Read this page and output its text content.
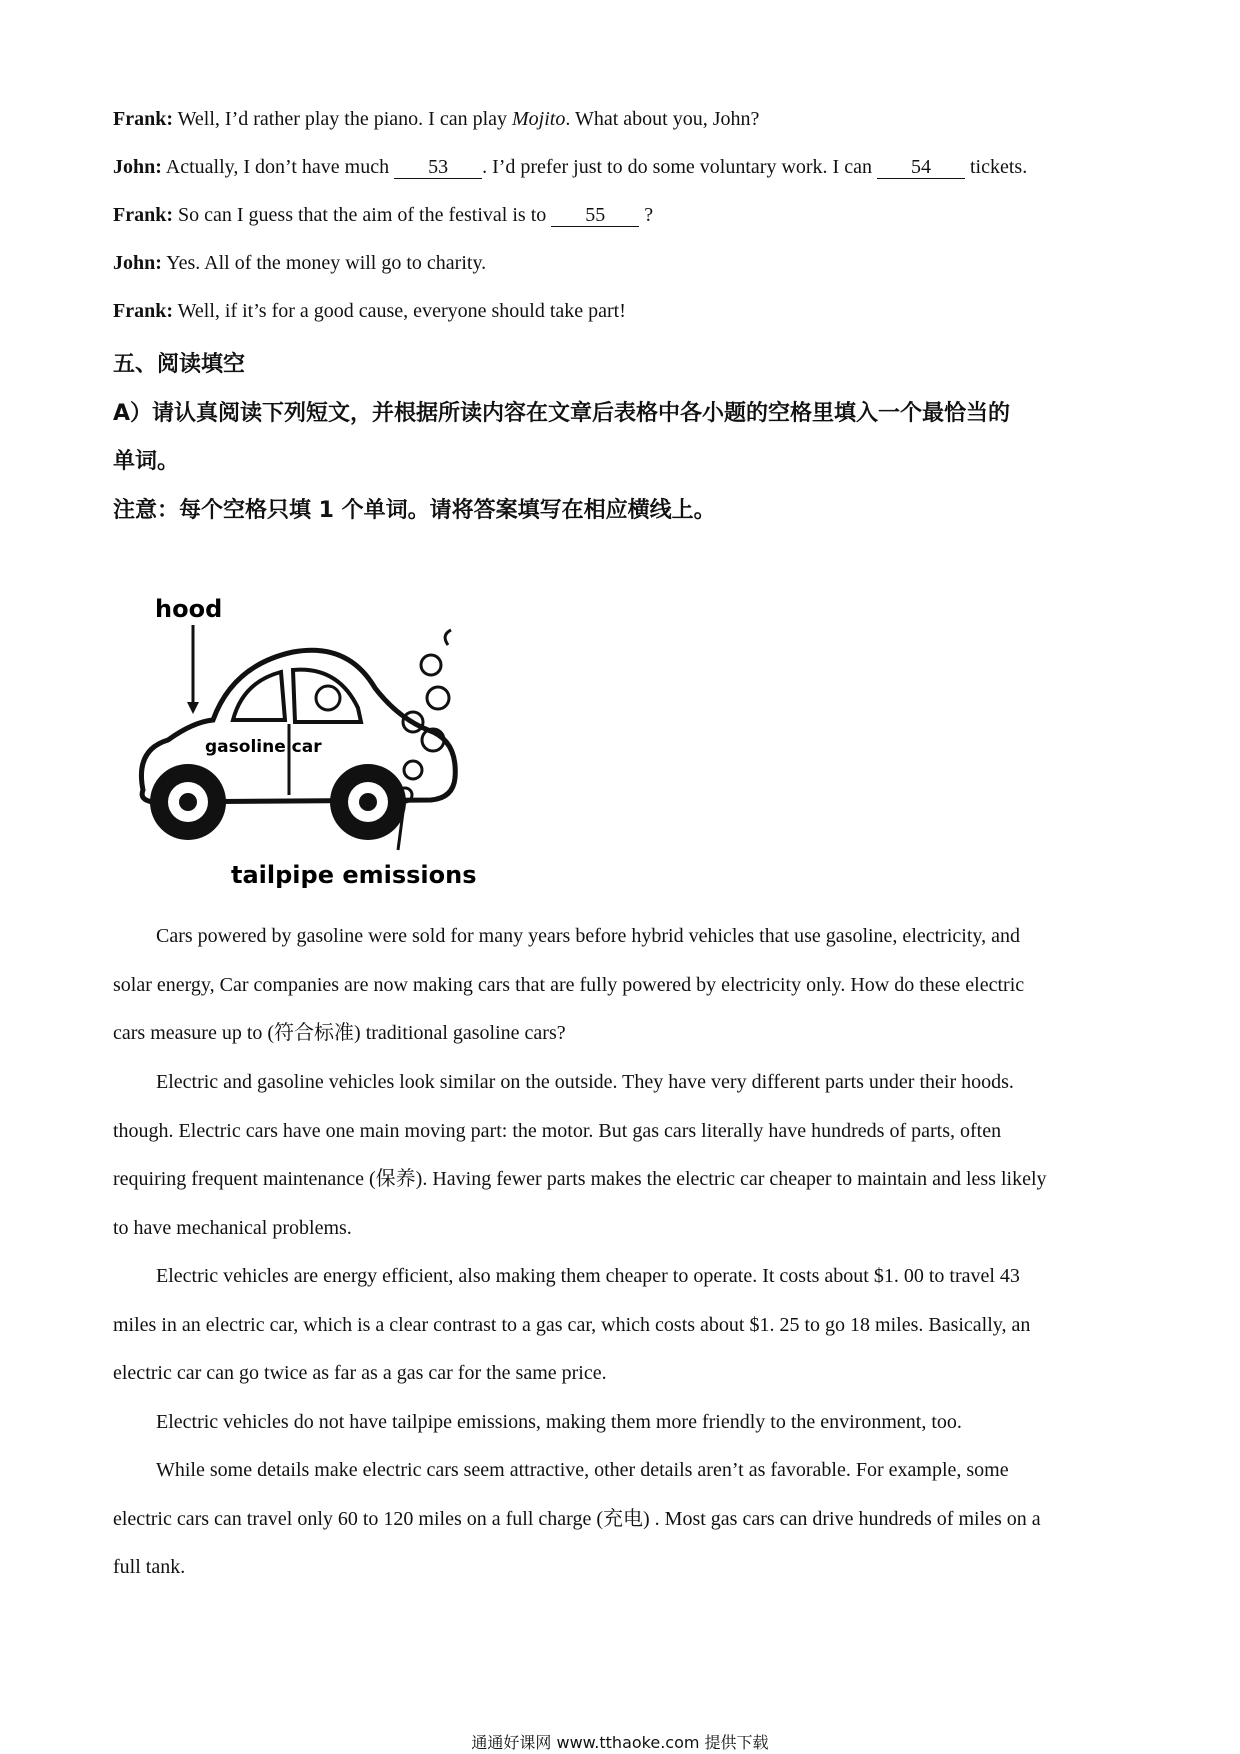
Frank: Well, I’d rather play the piano. I can play Mojito. What about you, John?
John: Actually, I don’t have much 53 . I’d prefer just to do some voluntary work. I can 54 tickets.
Frank: So can I guess that the aim of the festival is to 55 ?
John: Yes. All of the money will go to charity.
Frank: Well, if it’s for a good cause, everyone should take part!
五、阅读填空
A）请认真阅读下列短文，并根据所读内容在文章后表格中各小题的空格里填入一个最恰当的
单词。
注意：每个空格只填 1 个单词。请将答案填写在相应横线上。
hood
gasoline car
tailpipe emissions
Cars powered by gasoline were sold for many years before hybrid vehicles that use gasoline, electricity, and
solar energy, Car companies are now making cars that are fully powered by electricity only. How do these electric
cars measure up to (符合标准) traditional gasoline cars?
Electric and gasoline vehicles look similar on the outside. They have very different parts under their hoods.
though. Electric cars have one main moving part: the motor. But gas cars literally have hundreds of parts, often
requiring frequent maintenance (保养). Having fewer parts makes the electric car cheaper to maintain and less likely
to have mechanical problems.
Electric vehicles are energy efficient, also making them cheaper to operate. It costs about $1. 00 to travel 43
miles in an electric car, which is a clear contrast to a gas car, which costs about $1. 25 to go 18 miles. Basically, an
electric car can go twice as far as a gas car for the same price.
Electric vehicles do not have tailpipe emissions, making them more friendly to the environment, too.
While some details make electric cars seem attractive, other details aren’t as favorable. For example, some
electric cars can travel only 60 to 120 miles on a full charge (充电) . Most gas cars can drive hundreds of miles on a
full tank.
通通好课网 www.tthaoke.com 提供下载
